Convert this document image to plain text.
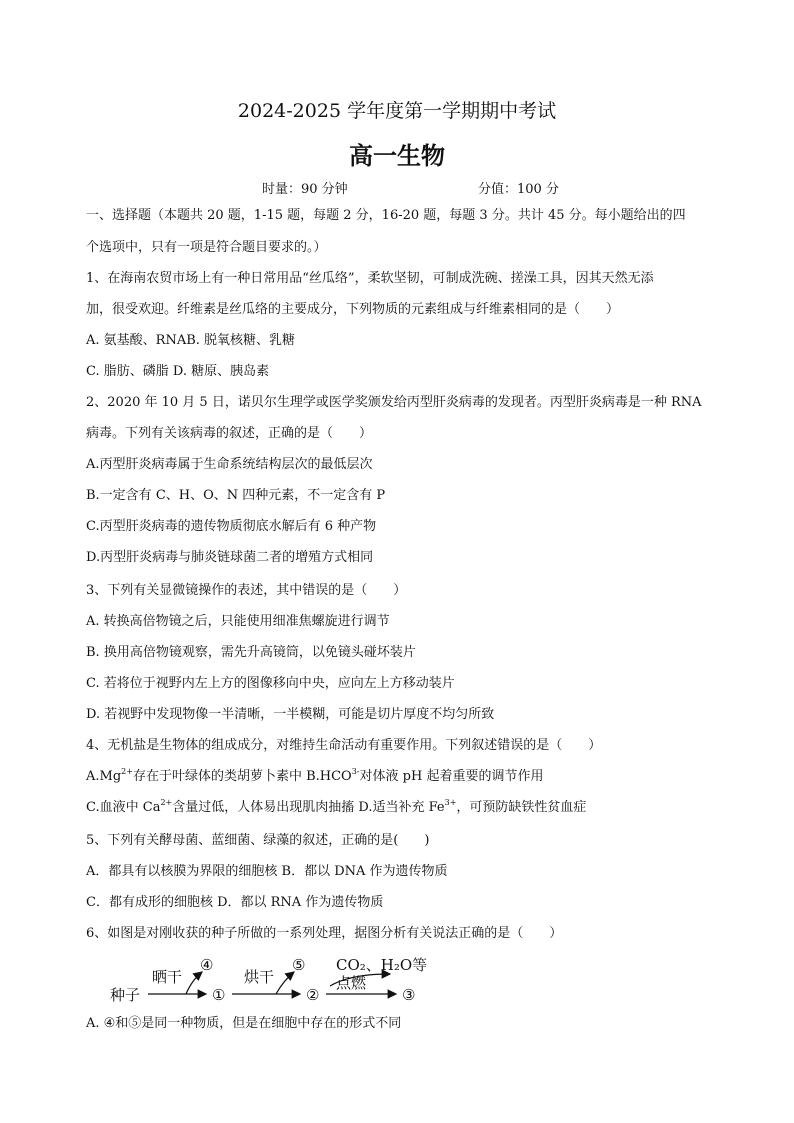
2024-2025 学年度第一学期期中考试
高一生物
时量：90 分钟	分值：100 分
一、选择题（本题共 20 题，1-15 题，每题 2 分，16-20 题，每题 3 分。共计 45 分。每小题给出的四
个选项中，只有一项是符合题目要求的。）
1、在海南农贸市场上有一种日常用品“丝瓜络”，柔软坚韧，可制成洗碗、搓澡工具，因其天然无添
加，很受欢迎。纤维素是丝瓜络的主要成分，下列物质的元素组成与纤维素相同的是（　　）
A. 氨基酸、RNAB. 脱氧核糖、乳糖
C. 脂肪、磷脂 D. 糖原、胰岛素
2、2020 年 10 月 5 日，诺贝尔生理学或医学奖颁发给丙型肝炎病毒的发现者。丙型肝炎病毒是一种 RNA
病毒。下列有关该病毒的叙述，正确的是（　　）
A.丙型肝炎病毒属于生命系统结构层次的最低层次
B.一定含有 C、H、O、N 四种元素，不一定含有 P
C.丙型肝炎病毒的遗传物质彻底水解后有 6 种产物
D.丙型肝炎病毒与肺炎链球菌二者的增殖方式相同
3、下列有关显微镜操作的表述，其中错误的是（　　）
A. 转换高倍物镜之后，只能使用细准焦螺旋进行调节
B. 换用高倍物镜观察，需先升高镜筒，以免镜头碰坏装片
C. 若将位于视野内左上方的图像移向中央，应向左上方移动装片
D. 若视野中发现物像一半清晰，一半模糊，可能是切片厚度不均匀所致
4、无机盐是生物体的组成成分，对维持生命活动有重要作用。下列叙述错误的是（　　）
$A.Mg^{2+}$存在于叶绿体的类胡萝卜素中 $B.HCO^{3-}$对体液 pH 起着重要的调节作用
C.血液中 $Ca^{2+}$含量过低，人体易出现肌肉抽搐 D.适当补充 $Fe^{3+}$，可预防缺铁性贫血症
5、下列有关酵母菌、蓝细菌、绿藻的叙述，正确的是(　　)
A．都具有以核膜为界限的细胞核 B．都以 DNA 作为遗传物质
C．都有成形的细胞核 D．都以 RNA 作为遗传物质
6、如图是对刚收获的种子所做的一系列处理，据图分析有关说法正确的是（　　）
种子
晒干
④
①
烘干
⑤
②
CO₂、H₂O等
点燃
③
A. ④和⑤是同一种物质，但是在细胞中存在的形式不同
